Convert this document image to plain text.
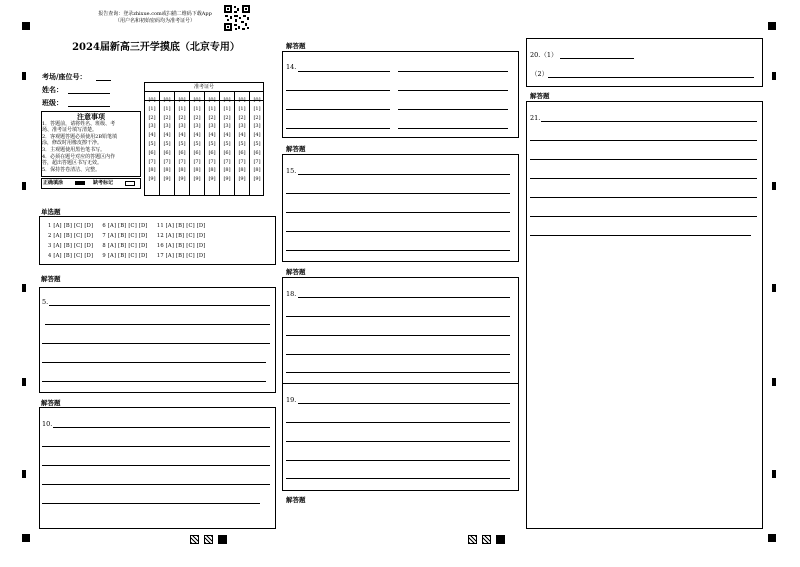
报告查询：登录zhixue.com或扫描二维码下载App
（用户名和初始密码均为准考证号）
2024届新高三开学摸底（北京专用）
考场/座位号：
姓名：
班级：
注意事项
1．答题前，请将姓名、班级、考
场、准考证号填写清楚。
2．客观题答题必须使用2B铅笔填
涂，修改时用橡皮擦干净。
3．主观题使用黑色笔书写。
4．必须在题号对应的答题区内作
答，超出答题区书写无效。
5．保持答卷清洁、完整。
正确填涂	缺考标记
准考证号
[0]
[1]
[2]
[3]
[4]
[5]
[6]
[7]
[8]
[9]
[0]
[1]
[2]
[3]
[4]
[5]
[6]
[7]
[8]
[9]
[0]
[1]
[2]
[3]
[4]
[5]
[6]
[7]
[8]
[9]
[0]
[1]
[2]
[3]
[4]
[5]
[6]
[7]
[8]
[9]
[0]
[1]
[2]
[3]
[4]
[5]
[6]
[7]
[8]
[9]
[0]
[1]
[2]
[3]
[4]
[5]
[6]
[7]
[8]
[9]
[0]
[1]
[2]
[3]
[4]
[5]
[6]
[7]
[8]
[9]
[0]
[1]
[2]
[3]
[4]
[5]
[6]
[7]
[8]
[9]
单选题
1 [A] [B] [C] [D]     6 [A] [B] [C] [D]     11 [A] [B] [C] [D]
2 [A] [B] [C] [D]     7 [A] [B] [C] [D]     12 [A] [B] [C] [D]
3 [A] [B] [C] [D]     8 [A] [B] [C] [D]     16 [A] [B] [C] [D]
4 [A] [B] [C] [D]     9 [A] [B] [C] [D]     17 [A] [B] [C] [D]
解答题
5.
解答题
10.
解答题
14.
解答题
15.
解答题
18.
19.
解答题
20.（1）
（2）
解答题
21.
